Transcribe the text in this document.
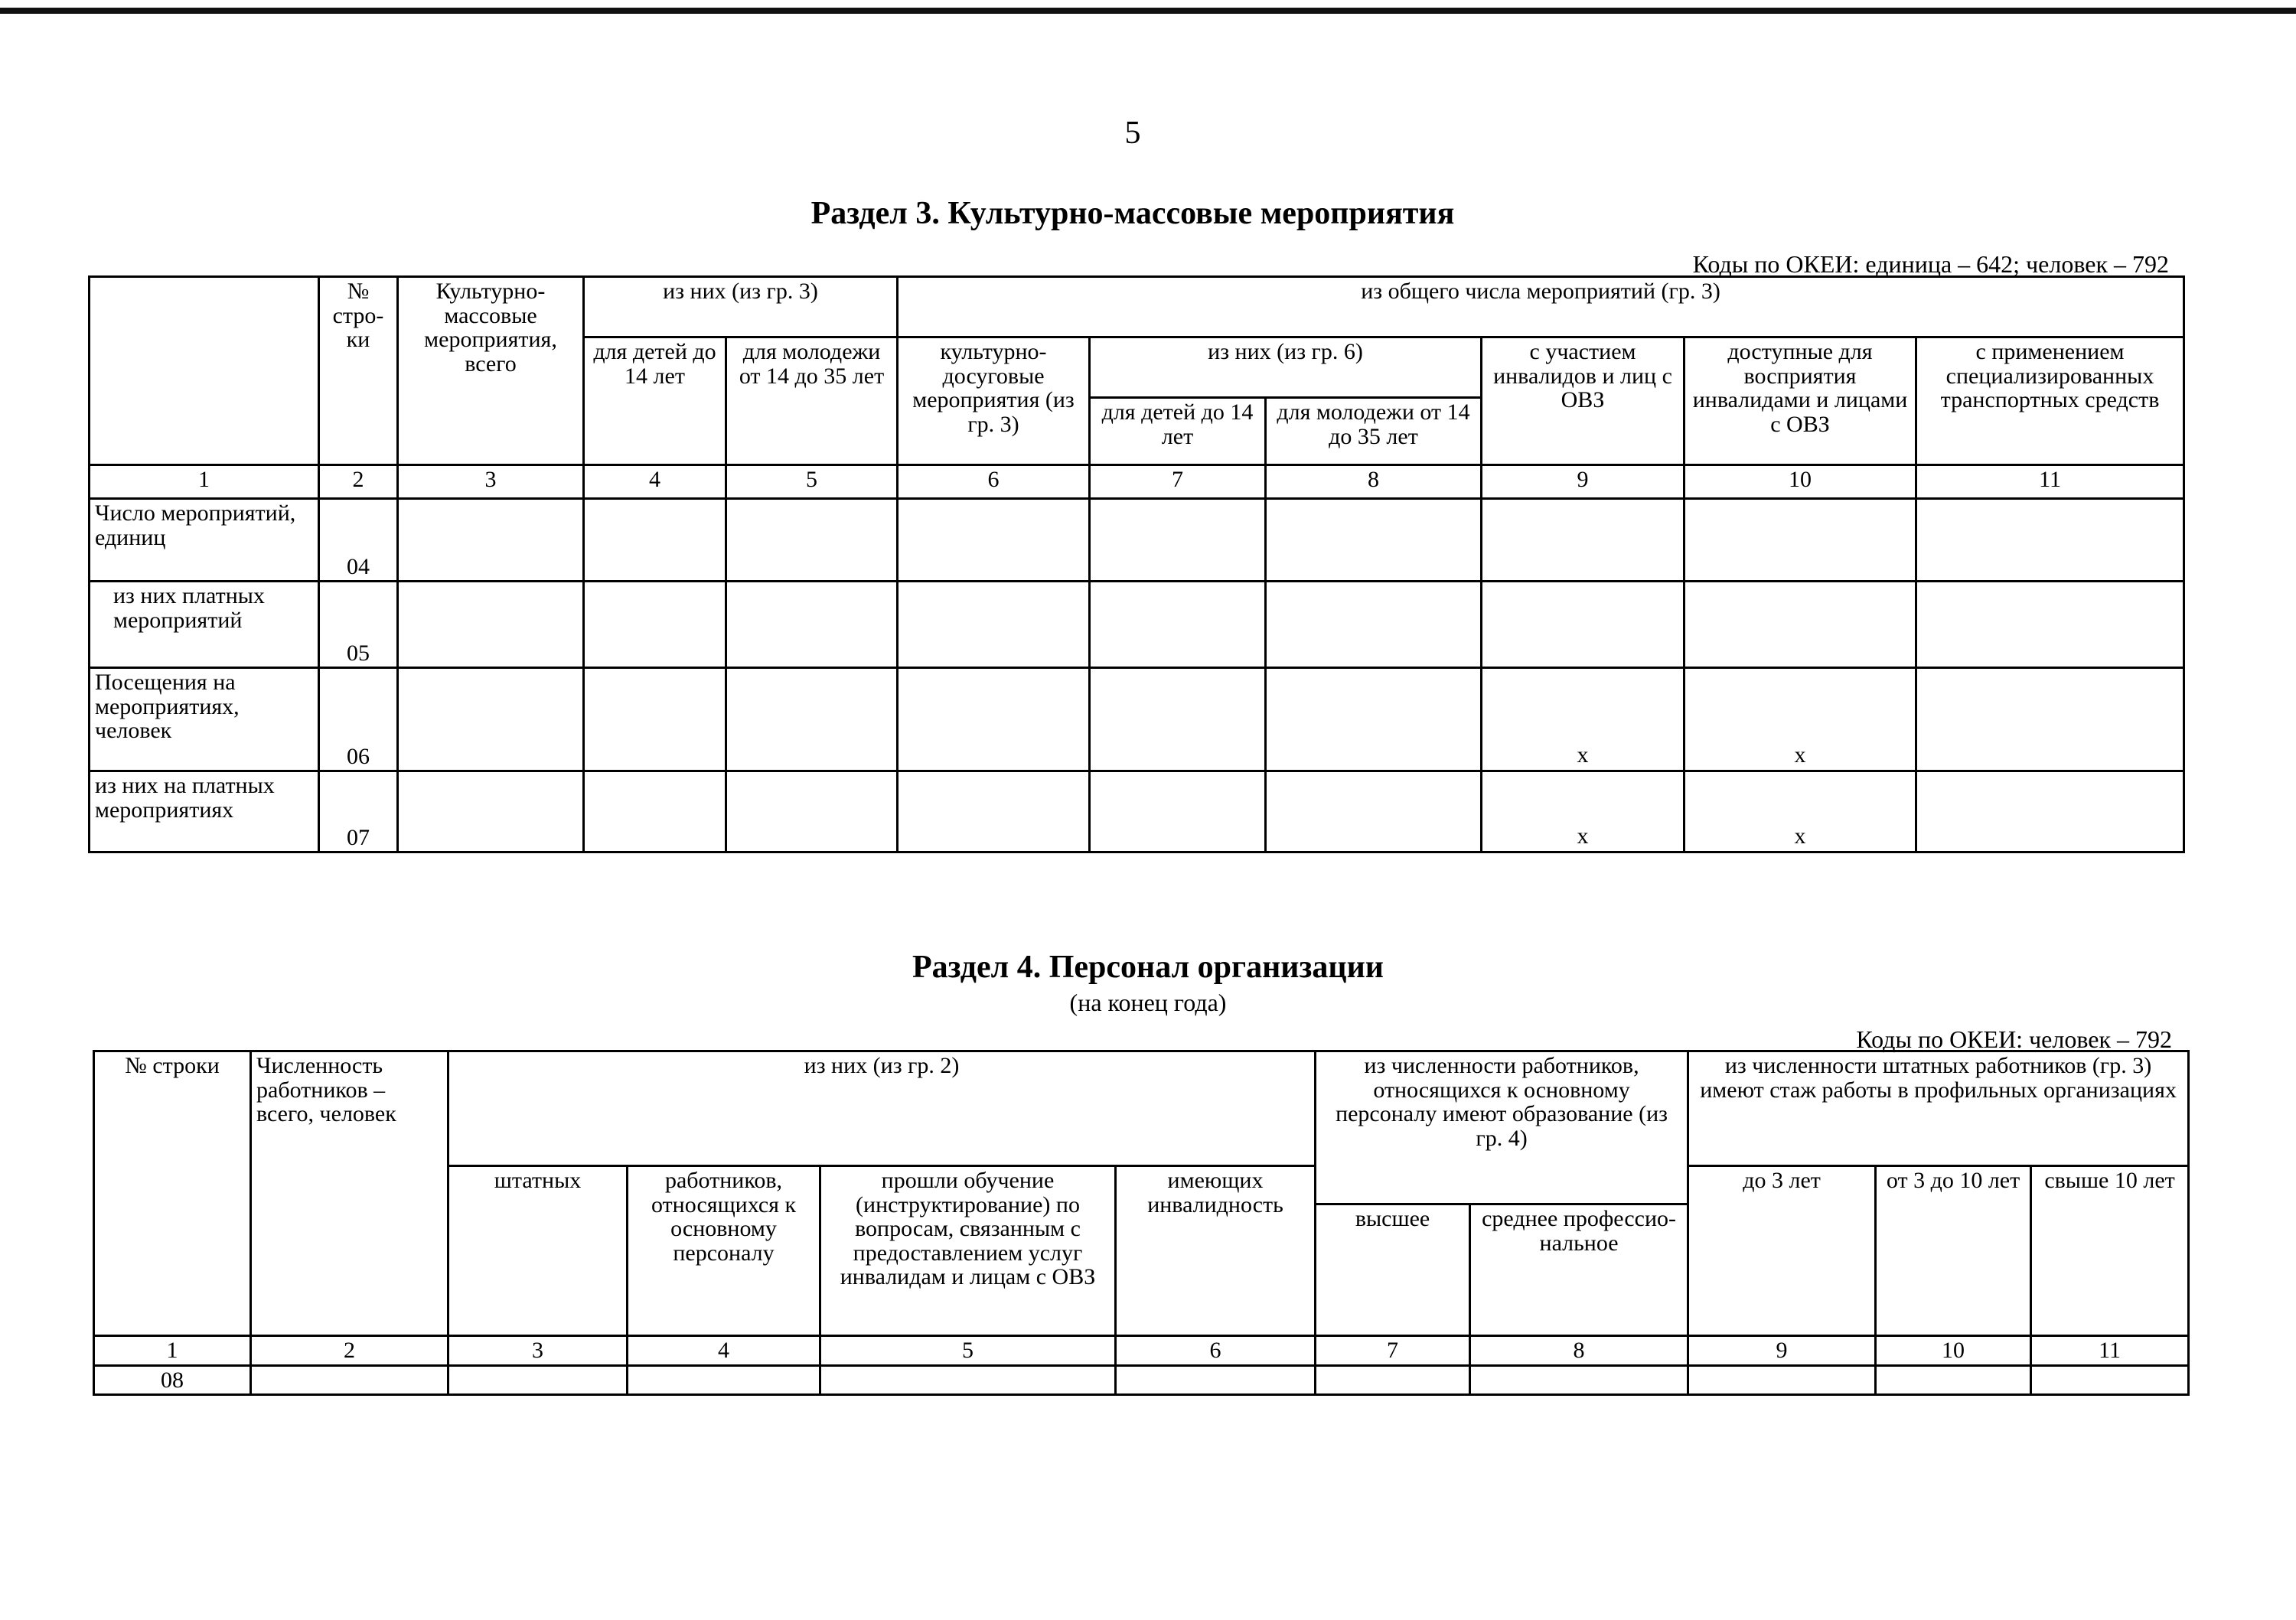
5
Раздел 3. Культурно-массовые мероприятия
Коды по ОКЕИ: единица – 642; человек – 792
	№ стро-ки	Культурно-массовые мероприятия, всего	из них (из гр. 3)		из общего числа мероприятий (гр. 3)					
			для детей до 14 лет	для молодежи от 14 до 35 лет	культурно-досуговые мероприятия (из гр. 3)	из них (из гр. 6)		с участием инвалидов и лиц с ОВЗ	доступные для восприятия инвалидами и лицами с ОВЗ	с применением специализированных транспортных средств
						для детей до 14 лет	для молодежи от 14 до 35 лет			
1	2	3	4	5	6	7	8	9	10	11
Число мероприятий, единиц	04									
из них платных мероприятий	05									
Посещения на мероприятиях, человек	06							x	x	
из них на платных мероприятиях	07							x	x	
Раздел 4. Персонал организации
(на конец года)
Коды по ОКЕИ: человек – 792
№ строки	Численность работников – всего, человек	из них (из гр. 2)				из численности работников, относящихся к основному персоналу имеют образование (из гр. 4)		из численности штатных работников (гр. 3) имеют стаж работы в профильных организациях		
		штатных	работников, относящихся к основному персоналу	прошли обучение (инструктирование) по вопросам, связанным с предоставлением услуг инвалидам и лицам с ОВЗ	имеющих инвалидность			до 3 лет	от 3 до 10 лет	свыше 10 лет
						высшее	среднее профессио-нальное			
1	2	3	4	5	6	7	8	9	10	11
08										
